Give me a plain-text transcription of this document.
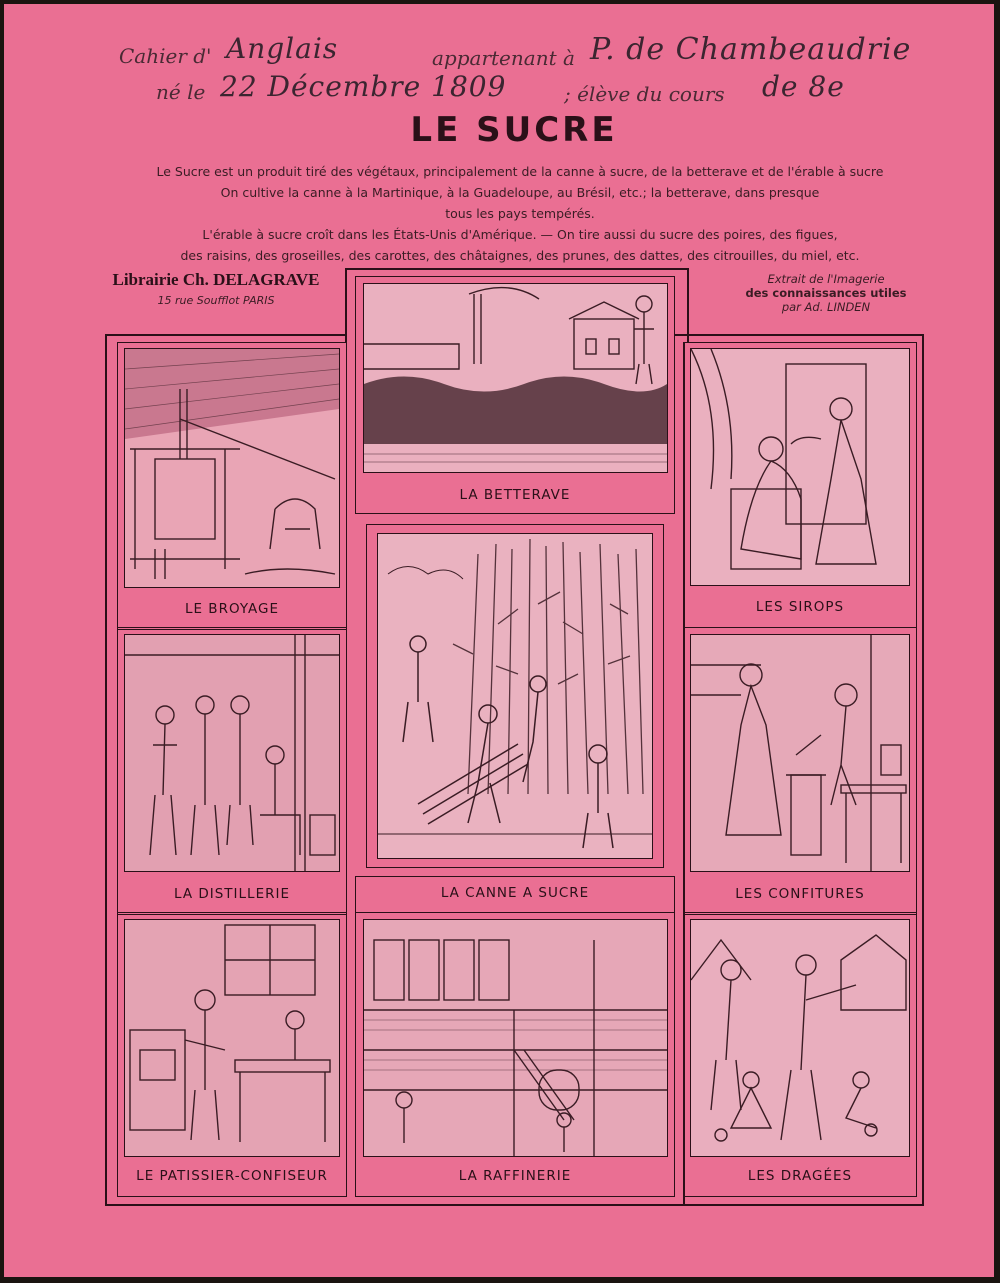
Cahier d' Anglais	appartenant à P. de Chambeaudrie
né le 22 Décembre 1809	; élève du cours de 8e
LE SUCRE
Le Sucre est un produit tiré des végétaux, principalement de la canne à sucre, de la betterave et de l'érable à sucre
On cultive la canne à la Martinique, à la Guadeloupe, au Brésil, etc.; la betterave, dans presque
tous les pays tempérés.
L'érable à sucre croît dans les États-Unis d'Amérique. — On tire aussi du sucre des poires, des figues,
des raisins, des groseilles, des carottes, des châtaignes, des prunes, des dattes, des citrouilles, du miel, etc.
Librairie Ch. DELAGRAVE
15 rue Soufflot PARIS
Extrait de l'Imagerie
des connaissances utiles
par Ad. LINDEN
LE BROYAGE
LA DISTILLERIE
LE PATISSIER-CONFISEUR
LA BETTERAVE
LA CANNE A SUCRE
LA RAFFINERIE
LES SIROPS
LES CONFITURES
LES DRAGÉES
